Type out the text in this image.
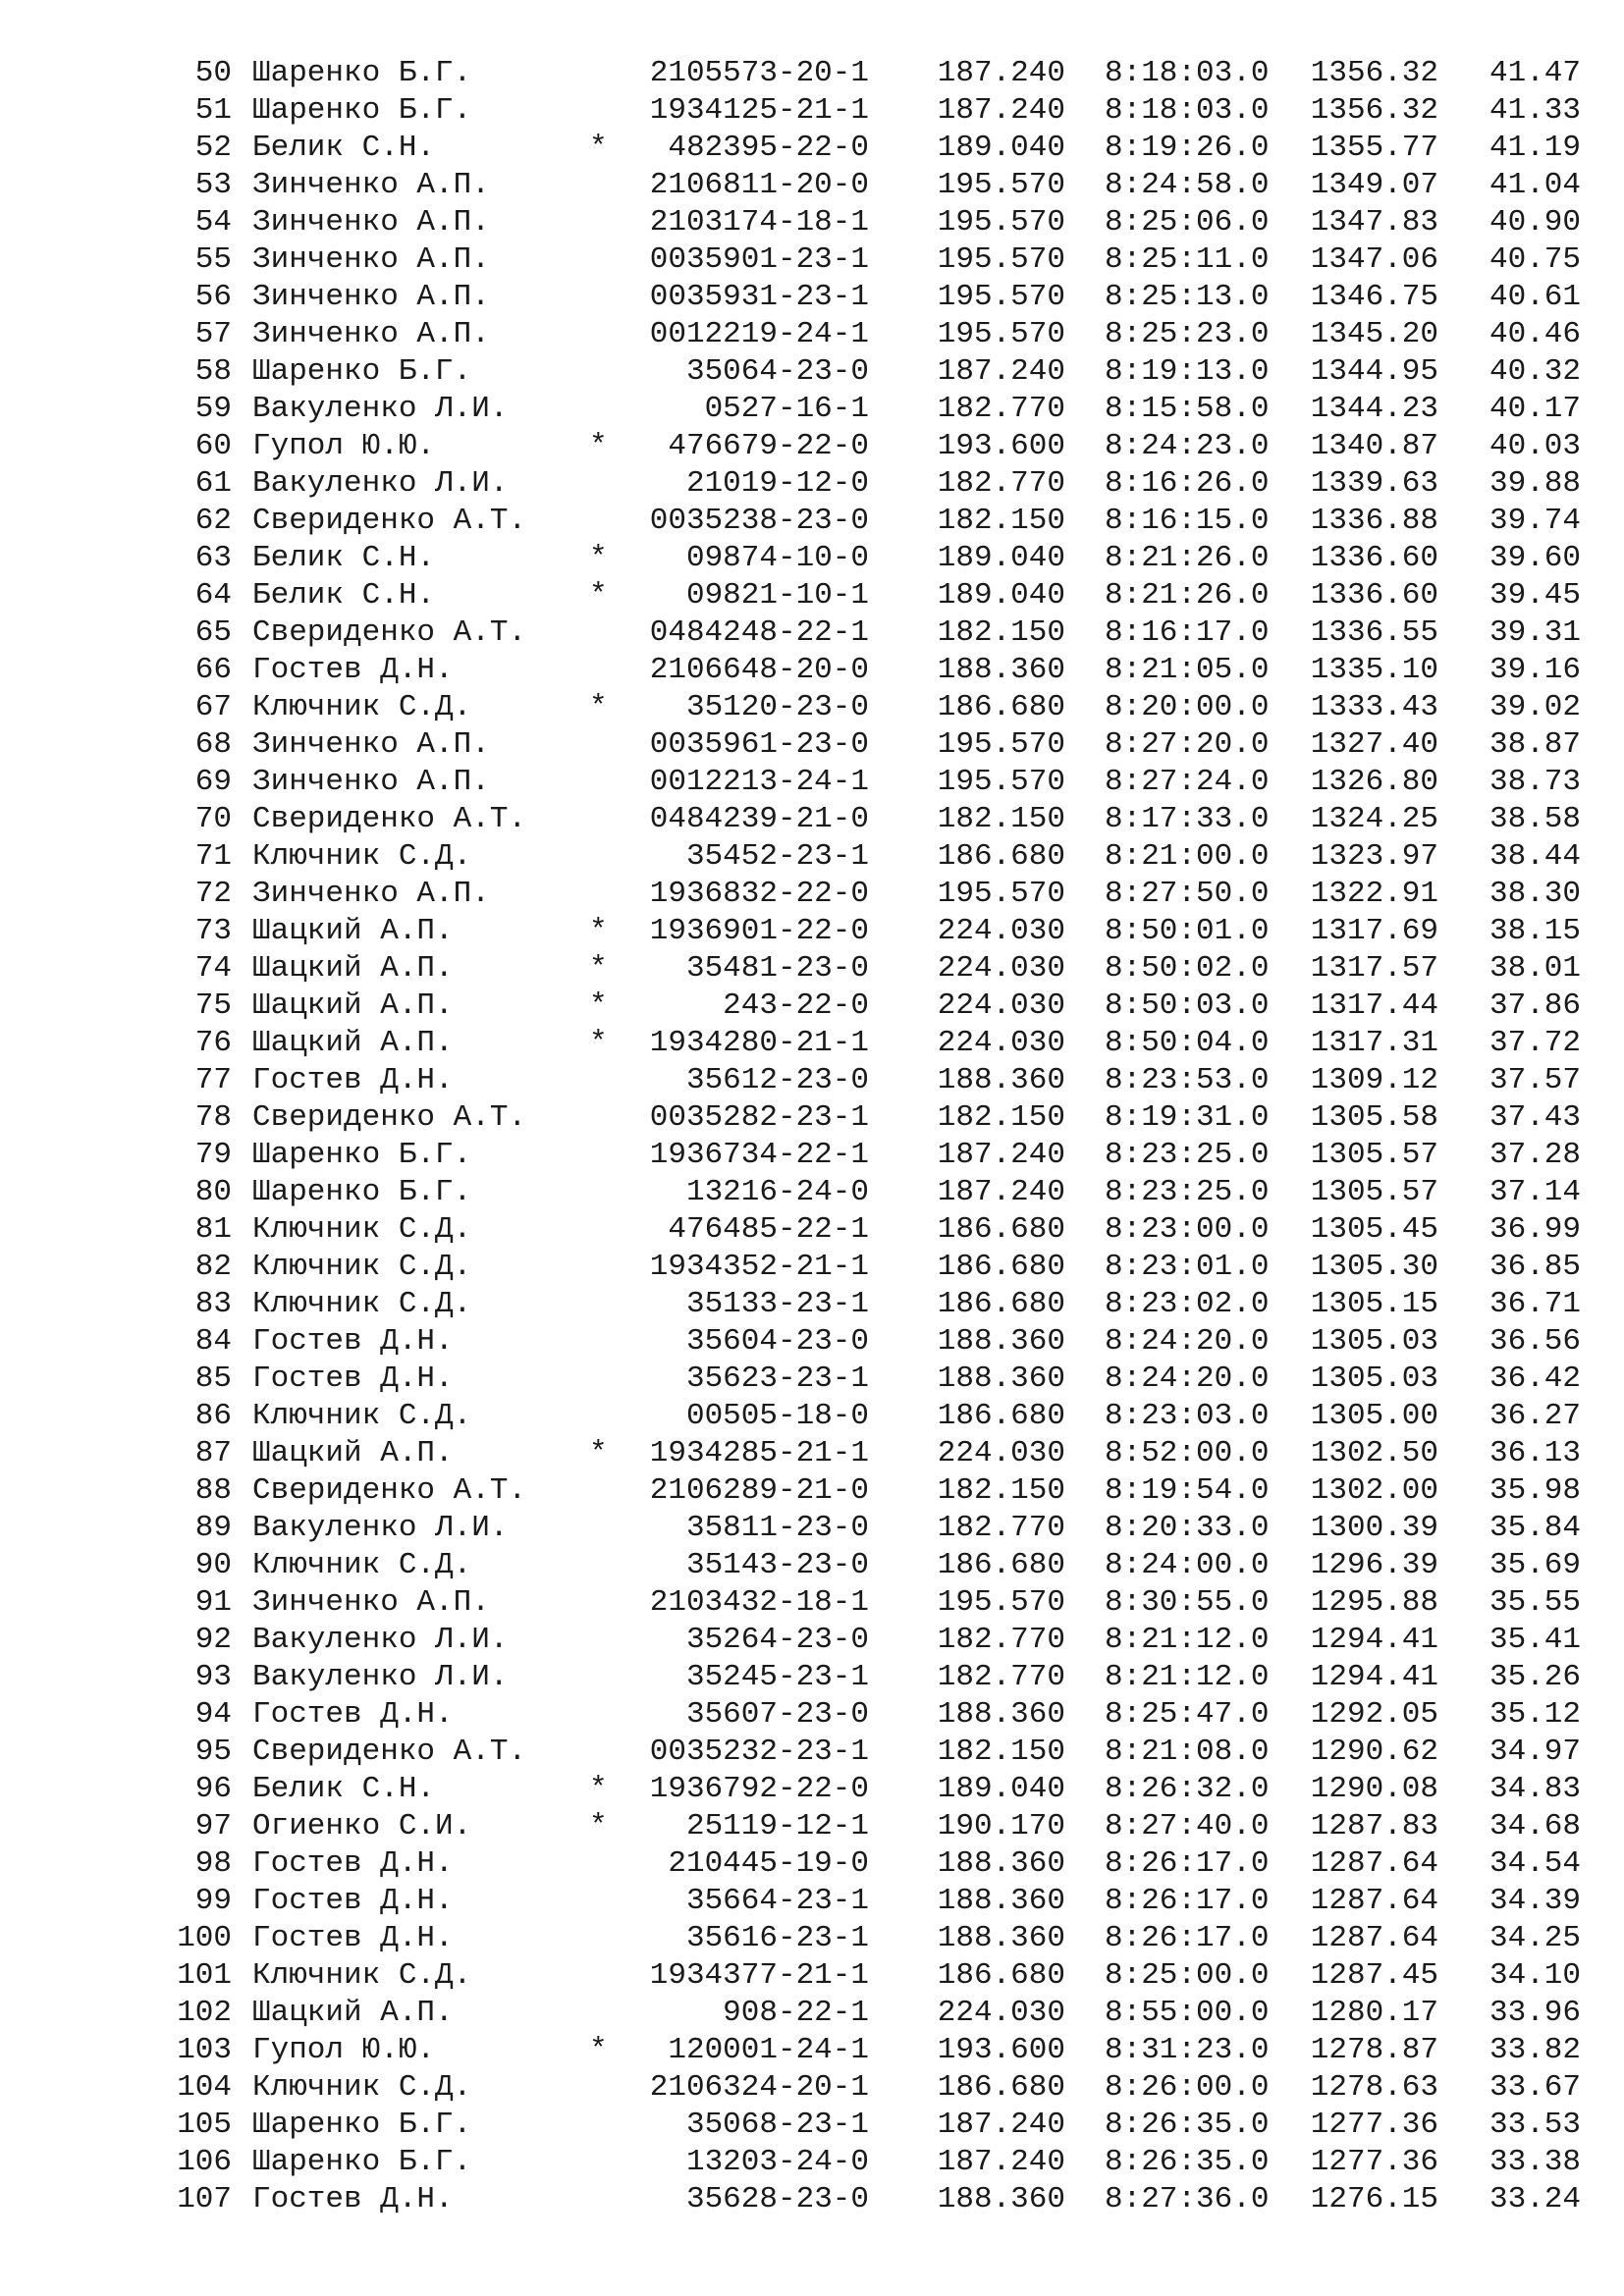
50 Шаренко Б.Г.	2105573-20-1	187.240 8:18:03.0	1356.32	41.47
51 Шаренко Б.Г.	1934125-21-1	187.240 8:18:03.0	1356.32	41.33
52 Белик С.Н.	*	482395-22-0	189.040 8:19:26.0	1355.77	41.19
53 Зинченко А.П.	2106811-20-0	195.570 8:24:58.0	1349.07	41.04
54 Зинченко А.П.	2103174-18-1	195.570 8:25:06.0	1347.83	40.90
55 Зинченко А.П.	0035901-23-1	195.570 8:25:11.0	1347.06	40.75
56 Зинченко А.П.	0035931-23-1	195.570 8:25:13.0	1346.75	40.61
57 Зинченко А.П.	0012219-24-1	195.570 8:25:23.0	1345.20	40.46
58 Шаренко Б.Г.	35064-23-0	187.240 8:19:13.0	1344.95	40.32
59 Вакуленко Л.И.	0527-16-1	182.770 8:15:58.0	1344.23	40.17
60 Гупол Ю.Ю.	*	476679-22-0	193.600 8:24:23.0	1340.87	40.03
61 Вакуленко Л.И.	21019-12-0	182.770 8:16:26.0	1339.63	39.88
62 Свериденко А.Т.	0035238-23-0	182.150 8:16:15.0	1336.88	39.74
63 Белик С.Н.	*	09874-10-0	189.040 8:21:26.0	1336.60	39.60
64 Белик С.Н.	*	09821-10-1	189.040 8:21:26.0	1336.60	39.45
65 Свериденко А.Т.	0484248-22-1	182.150 8:16:17.0	1336.55	39.31
66 Гостев Д.Н.	2106648-20-0	188.360 8:21:05.0	1335.10	39.16
67 Ключник С.Д.	*	35120-23-0	186.680 8:20:00.0	1333.43	39.02
68 Зинченко А.П.	0035961-23-0	195.570 8:27:20.0	1327.40	38.87
69 Зинченко А.П.	0012213-24-1	195.570 8:27:24.0	1326.80	38.73
70 Свериденко А.Т.	0484239-21-0	182.150 8:17:33.0	1324.25	38.58
71 Ключник С.Д.	35452-23-1	186.680 8:21:00.0	1323.97	38.44
72 Зинченко А.П.	1936832-22-0	195.570 8:27:50.0	1322.91	38.30
73 Шацкий А.П.	*	1936901-22-0	224.030 8:50:01.0	1317.69	38.15
74 Шацкий А.П.	*	35481-23-0	224.030 8:50:02.0	1317.57	38.01
75 Шацкий А.П.	*	243-22-0	224.030 8:50:03.0	1317.44	37.86
76 Шацкий А.П.	*	1934280-21-1	224.030 8:50:04.0	1317.31	37.72
77 Гостев Д.Н.	35612-23-0	188.360 8:23:53.0	1309.12	37.57
78 Свериденко А.Т.	0035282-23-1	182.150 8:19:31.0	1305.58	37.43
79 Шаренко Б.Г.	1936734-22-1	187.240 8:23:25.0	1305.57	37.28
80 Шаренко Б.Г.	13216-24-0	187.240 8:23:25.0	1305.57	37.14
81 Ключник С.Д.	476485-22-1	186.680 8:23:00.0	1305.45	36.99
82 Ключник С.Д.	1934352-21-1	186.680 8:23:01.0	1305.30	36.85
83 Ключник С.Д.	35133-23-1	186.680 8:23:02.0	1305.15	36.71
84 Гостев Д.Н.	35604-23-0	188.360 8:24:20.0	1305.03	36.56
85 Гостев Д.Н.	35623-23-1	188.360 8:24:20.0	1305.03	36.42
86 Ключник С.Д.	00505-18-0	186.680 8:23:03.0	1305.00	36.27
87 Шацкий А.П.	*	1934285-21-1	224.030 8:52:00.0	1302.50	36.13
88 Свериденко А.Т.	2106289-21-0	182.150 8:19:54.0	1302.00	35.98
89 Вакуленко Л.И.	35811-23-0	182.770 8:20:33.0	1300.39	35.84
90 Ключник С.Д.	35143-23-0	186.680 8:24:00.0	1296.39	35.69
91 Зинченко А.П.	2103432-18-1	195.570 8:30:55.0	1295.88	35.55
92 Вакуленко Л.И.	35264-23-0	182.770 8:21:12.0	1294.41	35.41
93 Вакуленко Л.И.	35245-23-1	182.770 8:21:12.0	1294.41	35.26
94 Гостев Д.Н.	35607-23-0	188.360 8:25:47.0	1292.05	35.12
95 Свериденко А.Т.	0035232-23-1	182.150 8:21:08.0	1290.62	34.97
96 Белик С.Н.	*	1936792-22-0	189.040 8:26:32.0	1290.08	34.83
97 Огиенко С.И.	*	25119-12-1	190.170 8:27:40.0	1287.83	34.68
98 Гостев Д.Н.	210445-19-0	188.360 8:26:17.0	1287.64	34.54
99 Гостев Д.Н.	35664-23-1	188.360 8:26:17.0	1287.64	34.39
100 Гостев Д.Н.	35616-23-1	188.360 8:26:17.0	1287.64	34.25
101 Ключник С.Д.	1934377-21-1	186.680 8:25:00.0	1287.45	34.10
102 Шацкий А.П.	908-22-1	224.030 8:55:00.0	1280.17	33.96
103 Гупол Ю.Ю.	*	120001-24-1	193.600 8:31:23.0	1278.87	33.82
104 Ключник С.Д.	2106324-20-1	186.680 8:26:00.0	1278.63	33.67
105 Шаренко Б.Г.	35068-23-1	187.240 8:26:35.0	1277.36	33.53
106 Шаренко Б.Г.	13203-24-0	187.240 8:26:35.0	1277.36	33.38
107 Гостев Д.Н.	35628-23-0	188.360 8:27:36.0	1276.15	33.24
